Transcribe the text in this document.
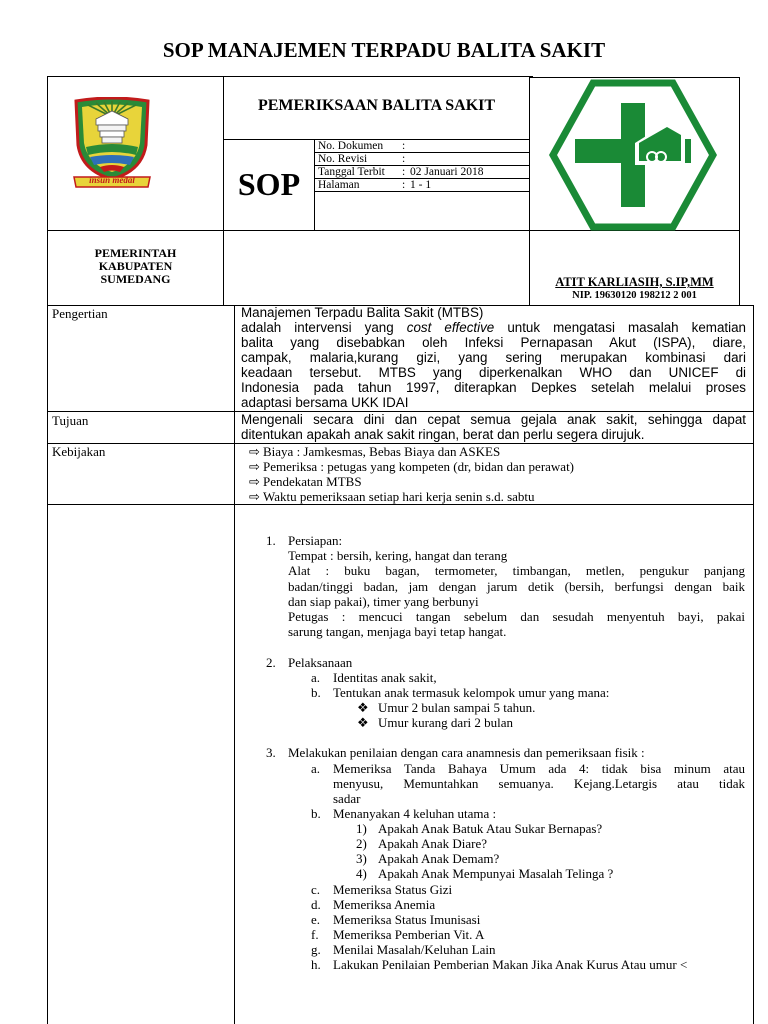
SOP MANAJEMEN TERPADU BALITA SAKIT
insun medal
PEMERIKSAAN BALITA SAKIT
SOP
No. Dokumen	:
No. Revisi	:
Tanggal Terbit	: 02 Januari 2018
Halaman	: 1 - 1
PEMERINTAH
KABUPATEN
SUMEDANG	ATIT KARLIASIH, S.IP,MM
NIP. 19630120 198212 2 001
Pengertian	Manajemen Terpadu Balita Sakit (MTBS)
adalah intervensi yang cost effective untuk mengatasi masalah kematian
balita yang disebabkan oleh Infeksi Pernapasan Akut (ISPA), diare,
campak, malaria,kurang gizi, yang sering merupakan kombinasi dari
keadaan tersebut. MTBS yang diperkenalkan WHO dan UNICEF di
Indonesia pada tahun 1997, diterapkan Depkes setelah melalui proses
adaptasi bersama UKK IDAI
Tujuan	Mengenali secara dini dan cepat semua gejala anak sakit, sehingga dapat
ditentukan apakah anak sakit ringan, berat dan perlu segera dirujuk.
Kebijakan	⇨ Biaya : Jamkesmas, Bebas Biaya dan ASKES
⇨ Pemeriksa : petugas yang kompeten (dr, bidan dan perawat)
⇨ Pendekatan MTBS
⇨ Waktu pemeriksaan setiap hari kerja senin s.d. sabtu
1. Persiapan:
Tempat : bersih, kering, hangat dan terang
Alat : buku bagan, termometer, timbangan, metlen, pengukur panjang
badan/tinggi badan, jam dengan jarum detik (bersih, berfungsi dengan baik
dan siap pakai), timer yang berbunyi
Petugas : mencuci tangan sebelum dan sesudah menyentuh bayi, pakai
sarung tangan, menjaga bayi tetap hangat.
2. Pelaksanaan
a. Identitas anak sakit,
b. Tentukan anak termasuk kelompok umur yang mana:
❖ Umur 2 bulan sampai 5 tahun.
❖ Umur kurang dari 2 bulan
3. Melakukan penilaian dengan cara anamnesis dan pemeriksaan fisik :
a. Memeriksa Tanda Bahaya Umum ada 4: tidak bisa minum atau
menyusu, Memuntahkan semuanya. Kejang.Letargis atau tidak
sadar
b. Menanyakan 4 keluhan utama :
1) Apakah Anak Batuk Atau Sukar Bernapas?
2) Apakah Anak Diare?
3) Apakah Anak Demam?
4) Apakah Anak Mempunyai Masalah Telinga ?
c. Memeriksa Status Gizi
d. Memeriksa Anemia
e. Memeriksa Status Imunisasi
f. Memeriksa Pemberian Vit. A
g. Menilai Masalah/Keluhan Lain
h. Lakukan Penilaian Pemberian Makan Jika Anak Kurus Atau umur <
